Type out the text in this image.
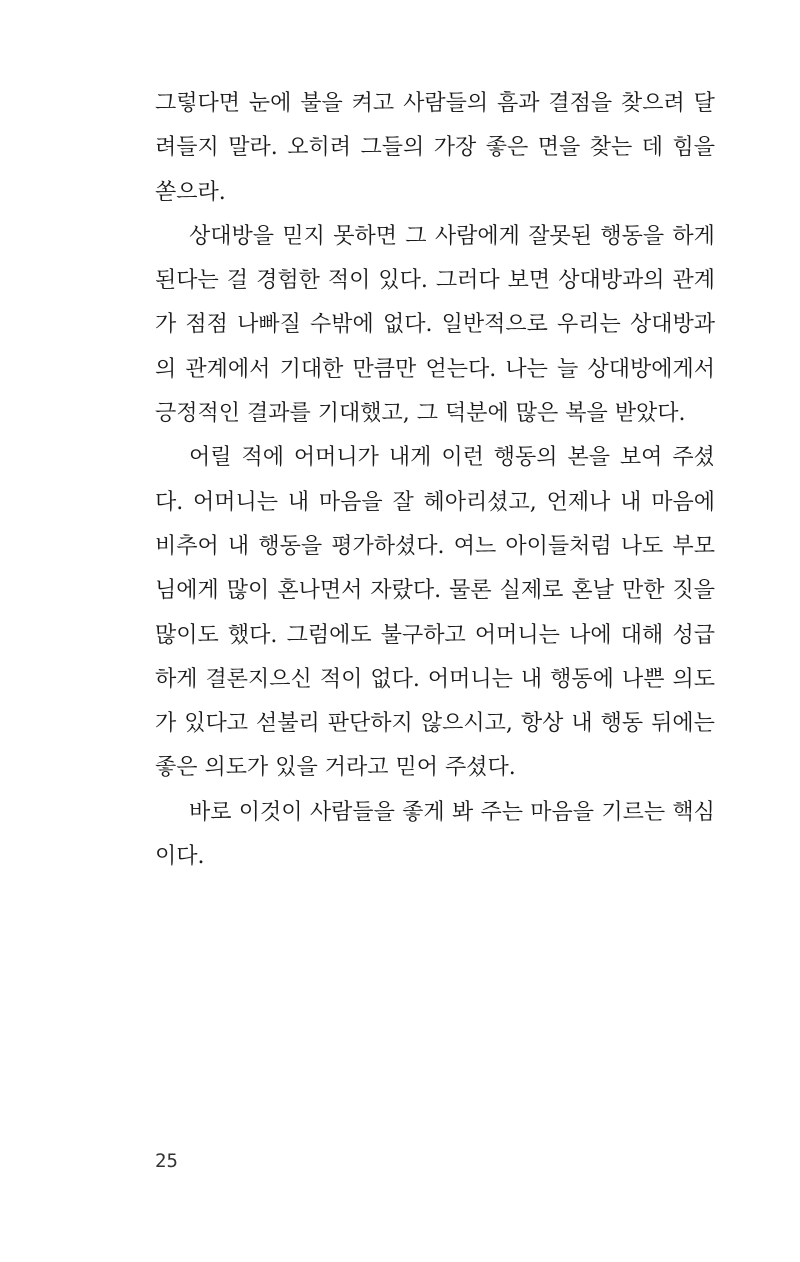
그렇다면 눈에 불을 켜고 사람들의 흠과 결점을 찾으려 달
려들지 말라. 오히려 그들의 가장 좋은 면을 찾는 데 힘을
쏟으라.
상대방을 믿지 못하면 그 사람에게 잘못된 행동을 하게
된다는 걸 경험한 적이 있다. 그러다 보면 상대방과의 관계
가 점점 나빠질 수밖에 없다. 일반적으로 우리는 상대방과
의 관계에서 기대한 만큼만 얻는다. 나는 늘 상대방에게서
긍정적인 결과를 기대했고, 그 덕분에 많은 복을 받았다.
어릴 적에 어머니가 내게 이런 행동의 본을 보여 주셨
다. 어머니는 내 마음을 잘 헤아리셨고, 언제나 내 마음에
비추어 내 행동을 평가하셨다. 여느 아이들처럼 나도 부모
님에게 많이 혼나면서 자랐다. 물론 실제로 혼날 만한 짓을
많이도 했다. 그럼에도 불구하고 어머니는 나에 대해 성급
하게 결론지으신 적이 없다. 어머니는 내 행동에 나쁜 의도
가 있다고 섣불리 판단하지 않으시고, 항상 내 행동 뒤에는
좋은 의도가 있을 거라고 믿어 주셨다.
바로 이것이 사람들을 좋게 봐 주는 마음을 기르는 핵심
이다.
25
